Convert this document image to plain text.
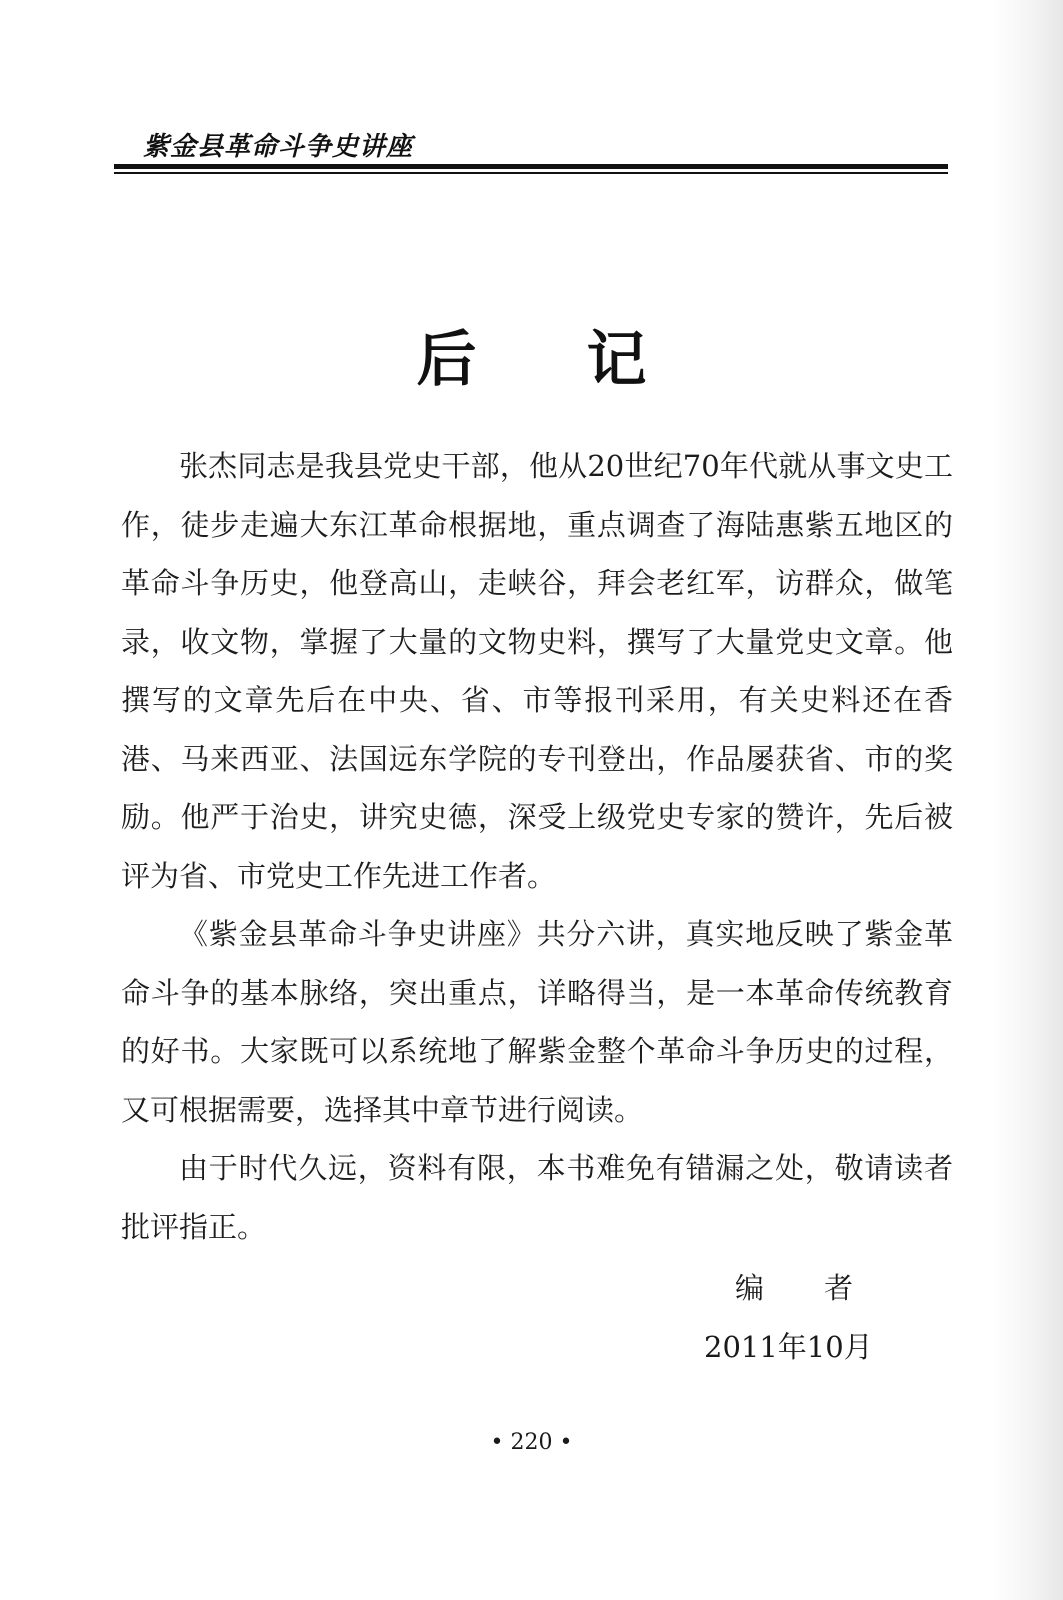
紫金县革命斗争史讲座
后记

张杰同志是我县党史干部，他从20世纪70年代就从事文史工作，徒步走遍大东江革命根据地，重点调查了海陆惠紫五地区的革命斗争历史，他登高山，走峡谷，拜会老红军，访群众，做笔录，收文物，掌握了大量的文物史料，撰写了大量党史文章。他撰写的文章先后在中央、省、市等报刊采用，有关史料还在香港、马来西亚、法国远东学院的专刊登出，作品屡获省、市的奖励。他严于治史，讲究史德，深受上级党史专家的赞许，先后被评为省、市党史工作先进工作者。

《紫金县革命斗争史讲座》共分六讲，真实地反映了紫金革命斗争的基本脉络，突出重点，详略得当，是一本革命传统教育的好书。大家既可以系统地了解紫金整个革命斗争历史的过程，又可根据需要，选择其中章节进行阅读。

由于时代久远，资料有限，本书难免有错漏之处，敬请读者批评指正。

编者
2011年10月
• 220 •
